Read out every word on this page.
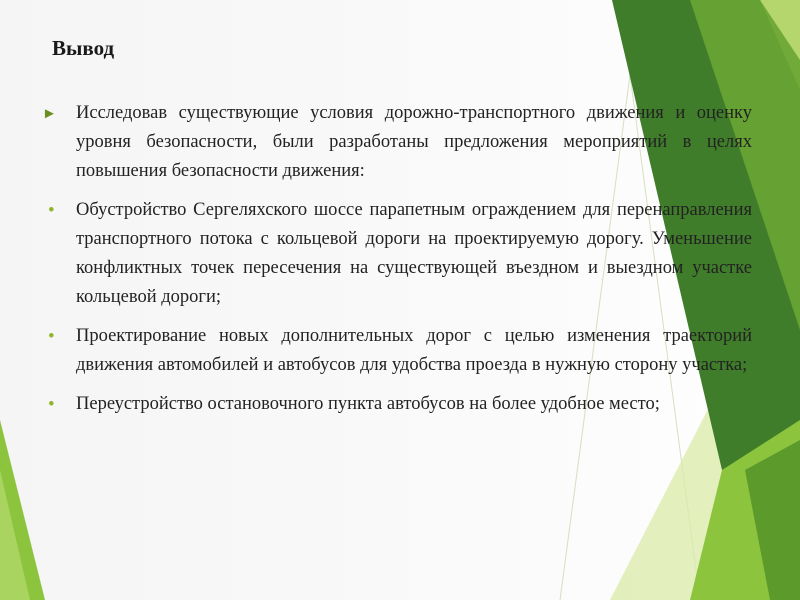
Вывод
► Исследовав существующие условия дорожно-транспортного движения и оценку уровня безопасности, были разработаны предложения мероприятий в целях повышения безопасности движения:
•	Обустройство Сергеляхского шоссе парапетным ограждением для перенаправления транспортного потока с кольцевой дороги на проектируемую дорогу. Уменьшение конфликтных точек пересечения на существующей въездном и выездном участке кольцевой дороги;
•	Проектирование новых дополнительных дорог с целью изменения траекторий движения автомобилей и автобусов для удобства проезда в нужную сторону участка;
•	Переустройство остановочного пункта автобусов на более удобное место;
